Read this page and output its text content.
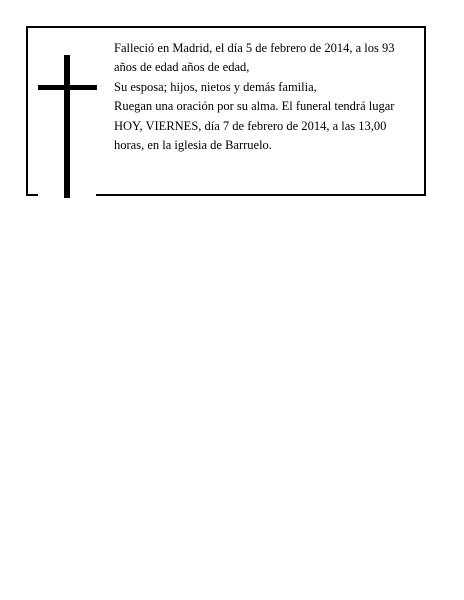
Falleció en Madrid, el día 5 de febrero de 2014, a los 93
años de edad años de edad,
Su esposa; hijos, nietos y demás familia,
Ruegan una oración por su alma. El funeral tendrá lugar
HOY, VIERNES, día 7 de febrero de 2014, a las 13,00
horas, en la iglesia de Barruelo.
